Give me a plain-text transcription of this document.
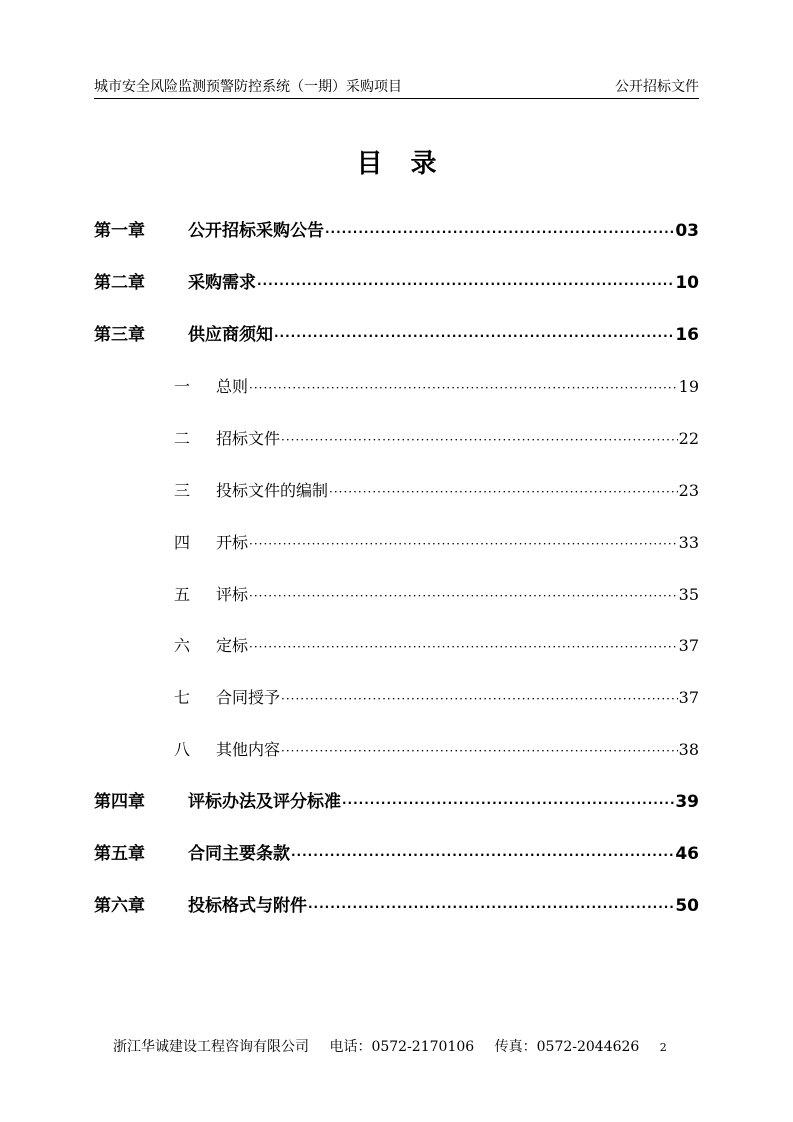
城市安全风险监测预警防控系统（一期）采购项目	公开招标文件
目录
第一章	公开招标采购公告 ·····	03
第二章	采购需求 ·····	10
第三章	供应商须知 ·····	16
一	总则 ·····	19
二	招标文件 ·····	22
三	投标文件的编制 ·····	23
四	开标 ·····	33
五	评标 ·····	35
六	定标 ·····	37
七	合同授予 ·····	37
八	其他内容 ·····	38
第四章	评标办法及评分标准 ·····	39
第五章	合同主要条款 ·····	46
第六章	投标格式与附件 ·····	50
浙江华诚建设工程咨询有限公司 电话：0572-2170106 传真：0572-2044626 2
